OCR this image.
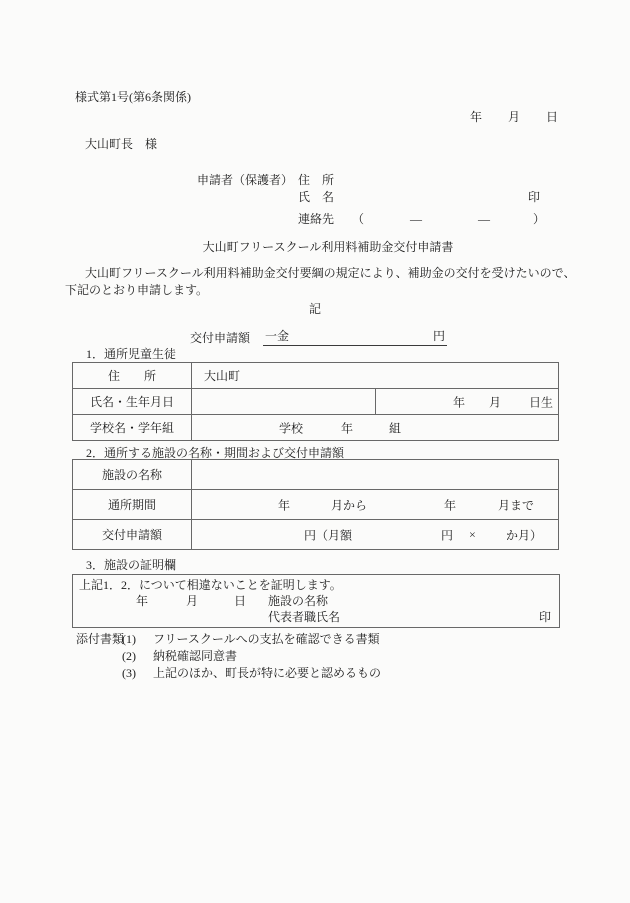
様式第1号(第6条関係)
年 月 日
大山町長　様
申請者（保護者） 住　所
氏　名	印
連絡先 （	―	―	）
大山町フリースクール利用料補助金交付申請書
大山町フリースクール利用料補助金交付要綱の規定により、補助金の交付を受けたいので、
下記のとおり申請します。
記
交付申請額 一金	円
1．通所児童生徒
住　　所	大山町	
氏名・生年月日		年 月 日生

学校名・学年組	学校 年 組	
2．通所する施設の名称・期間および交付申請額
施設の名称	
通所期間	年 月から 年 月まで

交付申請額	円（月額 円 × か月）
3．施設の証明欄
上記1．2．について相違ないことを証明します。
年	月	日 施設の名称
代表者職氏名	印
添付書類
(1) フリースクールへの支払を確認できる書類
(2) 納税確認同意書
(3) 上記のほか、町長が特に必要と認めるもの
